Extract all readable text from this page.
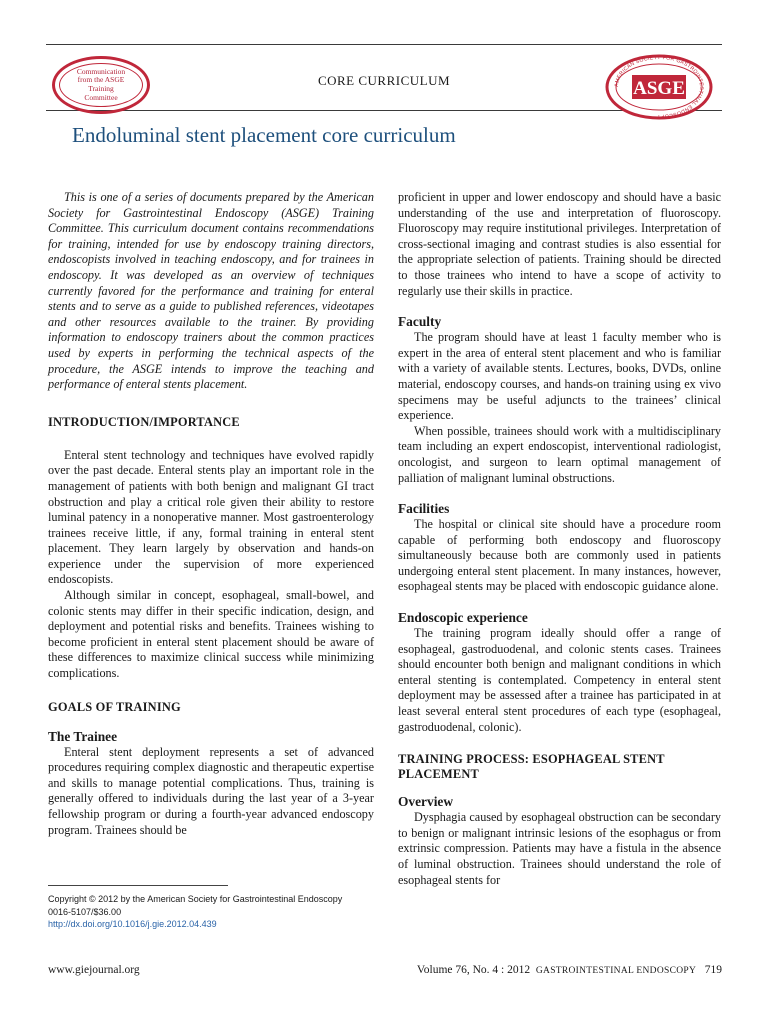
Communication
from the ASGE
Training
Committee
CORE CURRICULUM	AMERICAN SOCIETY FOR GASTROINTESTINAL ENDOSCOPY
ASGE
Endoluminal stent placement core curriculum

This is one of a series of documents prepared by the American Society for Gastrointestinal Endoscopy (ASGE) Training Committee. This curriculum document contains recommendations for training, intended for use by endoscopy training directors, endoscopists involved in teaching endoscopy, and for trainees in endoscopy. It was developed as an overview of techniques currently favored for the performance and training for enteral stents and to serve as a guide to published references, videotapes and other resources available to the trainer. By providing information to endoscopy trainers about the common practices used by experts in performing the technical aspects of the procedure, the ASGE intends to improve the teaching and performance of enteral stents placement.

INTRODUCTION/IMPORTANCE

Enteral stent technology and techniques have evolved rapidly over the past decade. Enteral stents play an important role in the management of patients with both benign and malignant GI tract obstruction and play a critical role given their ability to restore luminal patency in a nonoperative manner. Most gastroenterology trainees receive little, if any, formal training in enteral stent placement. They learn largely by observation and hands-on experience under the supervision of more experienced endoscopists.

Although similar in concept, esophageal, small-bowel, and colonic stents may differ in their specific indication, design, and deployment and potential risks and benefits. Trainees wishing to become proficient in enteral stent placement should be aware of these differences to maximize clinical success while minimizing complications.

GOALS OF TRAINING

The Trainee

Enteral stent deployment represents a set of advanced procedures requiring complex diagnostic and therapeutic expertise and skills to manage potential complications. Thus, training is generally offered to individuals during the last year of a 3-year fellowship program or during a fourth-year advanced endoscopy program. Trainees should be

proficient in upper and lower endoscopy and should have a basic understanding of the use and interpretation of fluoroscopy. Fluoroscopy may require institutional privileges. Interpretation of cross-sectional imaging and contrast studies is also essential for the appropriate selection of patients. Training should be directed to those trainees who intend to have a scope of activity to regularly use their skills in practice.

Faculty

The program should have at least 1 faculty member who is expert in the area of enteral stent placement and who is familiar with a variety of available stents. Lectures, books, DVDs, online material, endoscopy courses, and hands-on training using ex vivo specimens may be useful adjuncts to the trainees’ clinical experience.

When possible, trainees should work with a multidisciplinary team including an expert endoscopist, interventional radiologist, oncologist, and surgeon to learn optimal management of palliation of malignant luminal obstructions.

Facilities

The hospital or clinical site should have a procedure room capable of performing both endoscopy and fluoroscopy simultaneously because both are commonly used in patients undergoing enteral stent placement. In many instances, however, esophageal stents may be placed with endoscopic guidance alone.

Endoscopic experience

The training program ideally should offer a range of esophageal, gastroduodenal, and colonic stents cases. Trainees should encounter both benign and malignant conditions in which enteral stenting is contemplated. Competency in enteral stent deployment may be assessed after a trainee has participated in at least several enteral stent procedures of each type (esophageal, gastroduodenal, colonic).

TRAINING PROCESS: ESOPHAGEAL STENT PLACEMENT

Overview

Dysphagia caused by esophageal obstruction can be secondary to benign or malignant intrinsic lesions of the esophagus or from extrinsic compression. Patients may have a fistula in the absence of luminal obstruction. Trainees should understand the role of esophageal stents for

Copyright © 2012 by the American Society for Gastrointestinal Endoscopy
0016-5107/$36.00
http://dx.doi.org/10.1016/j.gie.2012.04.439
www.giejournal.org	Volume 76, No. 4 : 2012 GASTROINTESTINAL ENDOSCOPY 719
